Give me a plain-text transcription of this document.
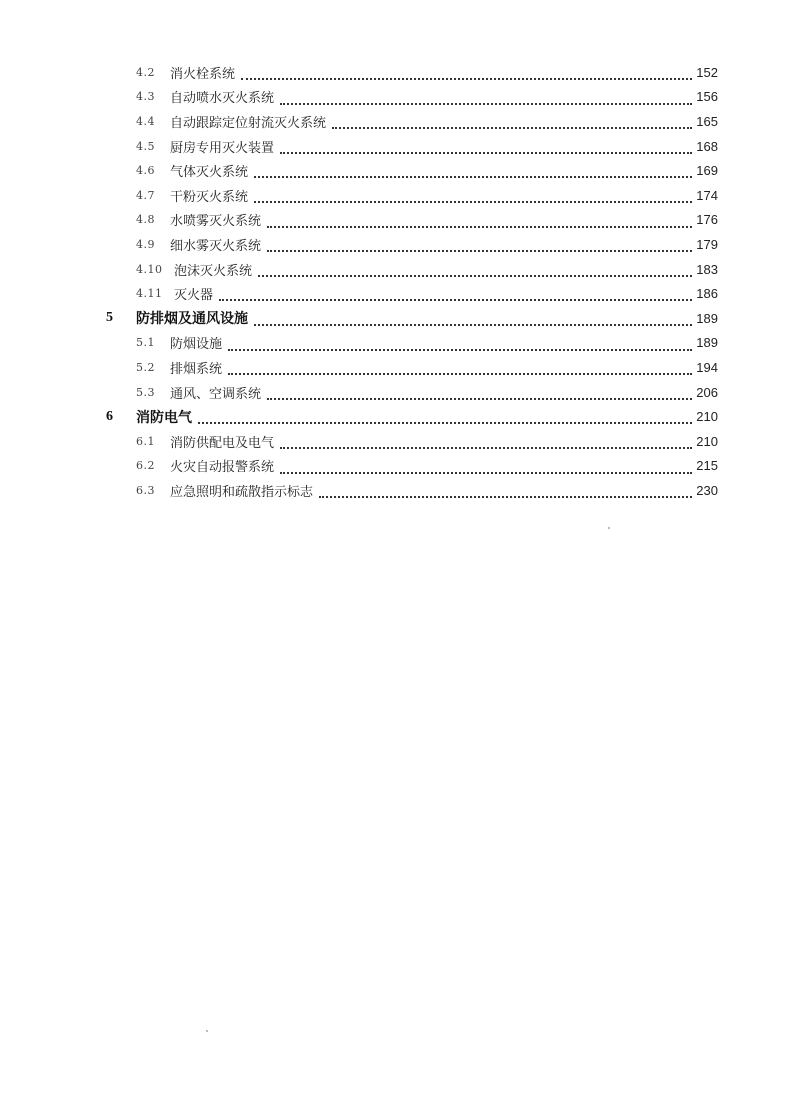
4.2 消火栓系统	152
4.3 自动喷水灭火系统	156
4.4 自动跟踪定位射流灭火系统	165
4.5 厨房专用灭火装置	168
4.6 气体灭火系统	169
4.7 干粉灭火系统	174
4.8 水喷雾灭火系统	176
4.9 细水雾灭火系统	179
4.10 泡沫灭火系统	183
4.11 灭火器	186
5 防排烟及通风设施	189
5.1 防烟设施	189
5.2 排烟系统	194
5.3 通风、空调系统	206
6 消防电气	210
6.1 消防供配电及电气	210
6.2 火灾自动报警系统	215
6.3 应急照明和疏散指示标志	230
